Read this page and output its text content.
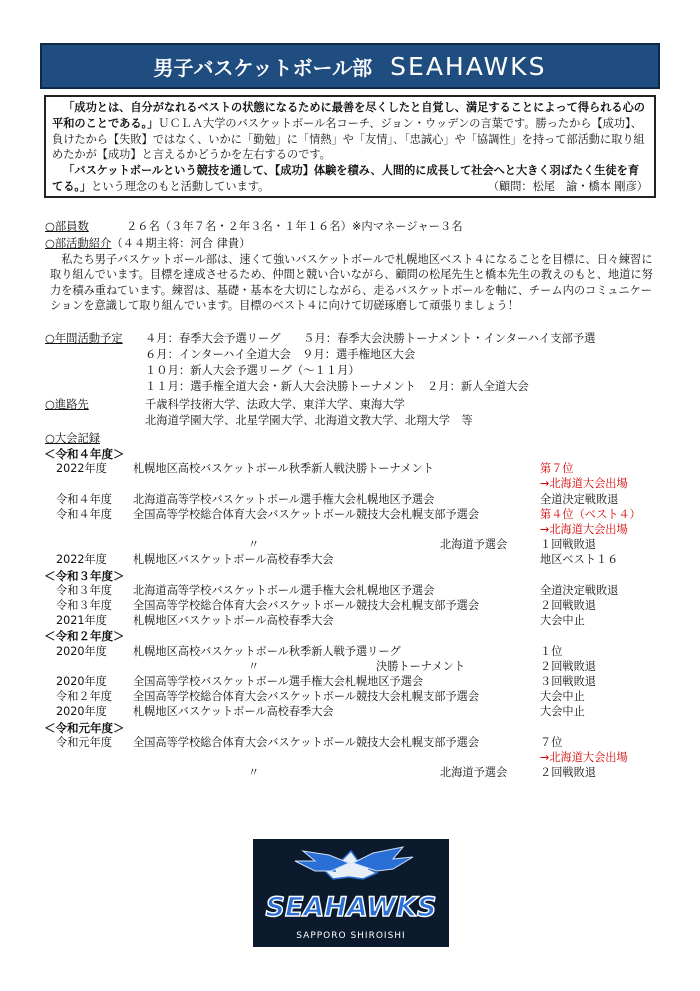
男子バスケットボール部 SEAHAWKS

「成功とは、自分がなれるベストの状態になるために最善を尽くしたと自覚し、満足することによって得られる心の平和のことである。」ＵＣＬＡ大学のバスケットボール名コーチ、ジョン・ウッデンの言葉です。勝ったから【成功】、負けたから【失敗】ではなく、いかに「勤勉」に「情熱」や「友情」、「忠誠心」や「協調性」を持って部活動に取り組めたかが【成功】と言えるかどうかを左右するのです。

「バスケットボールという競技を通して、【成功】体験を積み、人間的に成長して社会へと大きく羽ばたく生徒を育てる。」という理念のもと活動しています。	（顧問：松尾　諭・橋本 剛彦）

○部員数	２６名（３年７名・２年３名・１年１６名）※内マネージャー３名
○部活動紹介（４４期主将：河合 律貴）
私たち男子バスケットボール部は、速くて強いバスケットボールで札幌地区ベスト４になることを目標に、日々練習に取り組んでいます。目標を達成させるため、仲間と競い合いながら、顧問の松尾先生と橋本先生の教えのもと、地道に努力を積み重ねています。練習は、基礎・基本を大切にしながら、走るバスケットボールを軸に、チーム内のコミュニケーションを意識して取り組んでいます。目標のベスト４に向けて切磋琢磨して頑張りましょう！
○年間活動予定 ４月：春季大会予選リーグ　　５月：春季大会決勝トーナメント・インターハイ支部予選
６月：インターハイ全道大会　９月：選手権地区大会
１０月：新人大会予選リーグ（～１１月）
１１月：選手権全道大会・新人大会決勝トーナメント　２月：新人全道大会
○進路先	千歳科学技術大学、法政大学、東洋大学、東海大学
北海道学園大学、北星学園大学、北海道文教大学、北翔大学　等
○大会記録
＜令和４年度＞
2022年度 札幌地区高校バスケットボール秋季新人戦決勝トーナメント	第７位
→北海道大会出場
令和４年度 北海道高等学校バスケットボール選手権大会札幌地区予選会	全道決定戦敗退
令和４年度 全国高等学校総合体育大会バスケットボール競技大会札幌支部予選会	第４位（ベスト４）
→北海道大会出場
〃	北海道予選会	１回戦敗退
2022年度 札幌地区バスケットボール高校春季大会	地区ベスト１６
＜令和３年度＞
令和３年度 北海道高等学校バスケットボール選手権大会札幌地区予選会	全道決定戦敗退
令和３年度 全国高等学校総合体育大会バスケットボール競技大会札幌支部予選会	２回戦敗退
2021年度 札幌地区バスケットボール高校春季大会	大会中止
＜令和２年度＞
2020年度 札幌地区高校バスケットボール秋季新人戦予選リーグ	１位
〃	決勝トーナメント	２回戦敗退
2020年度 全国高等学校バスケットボール選手権大会札幌地区予選会	３回戦敗退
令和２年度 全国高等学校総合体育大会バスケットボール競技大会札幌支部予選会	大会中止
2020年度 札幌地区バスケットボール高校春季大会	大会中止
＜令和元年度＞
令和元年度 全国高等学校総合体育大会バスケットボール競技大会札幌支部予選会	７位
→北海道大会出場
〃	北海道予選会	２回戦敗退
SEAHAWKS
SAPPORO SHIROISHI
